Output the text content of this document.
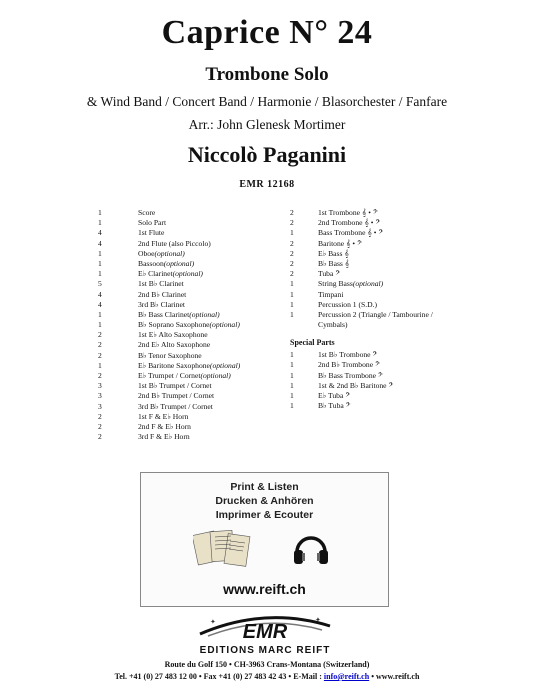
Caprice N° 24
Trombone Solo
& Wind Band / Concert Band / Harmonie / Blasorchester / Fanfare
Arr.: John Glenesk Mortimer
Niccolò Paganini
EMR 12168
1	Score
1	Solo Part
4	1st Flute
4	2nd Flute (also Piccolo)
1	Oboe (optional)
1	Bassoon (optional)
1	E♭ Clarinet (optional)
5	1st B♭ Clarinet
4	2nd B♭ Clarinet
4	3rd B♭ Clarinet
1	B♭ Bass Clarinet (optional)
1	B♭ Soprano Saxophone (optional)
2	1st E♭ Alto Saxophone
2	2nd E♭ Alto Saxophone
2	B♭ Tenor Saxophone
1	E♭ Baritone Saxophone (optional)
2	E♭ Trumpet / Cornet (optional)
3	1st B♭ Trumpet / Cornet
3	2nd B♭ Trumpet / Cornet
3	3rd B♭ Trumpet / Cornet
2	1st F & E♭ Horn
2	2nd F & E♭ Horn
2	3rd F & E♭ Horn
2	1st Trombone 𝄞 • 𝄢
2	2nd Trombone 𝄞 • 𝄢
1	Bass Trombone 𝄞 • 𝄢
2	Baritone 𝄞 • 𝄢
2	E♭ Bass 𝄞
2	B♭ Bass 𝄞
2	Tuba 𝄢
1	String Bass (optional)
1	Timpani
1	Percussion 1 (S.D.)
1	Percussion 2 (Triangle / Tambourine /
Cymbals)
Special Parts
1	1st B♭ Trombone 𝄢
1	2nd B♭ Trombone 𝄢
1	B♭ Bass Trombone 𝄢
1	1st & 2nd B♭ Baritone 𝄢
1	E♭ Tuba 𝄢
1	B♭ Tuba 𝄢
Print & Listen
Drucken & Anhören
Imprimer & Ecouter
www.reift.ch
EMR
EDITIONS MARC REIFT
✦	✦
Route du Golf 150 • CH-3963 Crans-Montana (Switzerland)
Tel. +41 (0) 27 483 12 00 • Fax +41 (0) 27 483 42 43 • E-Mail : info@reift.ch • www.reift.ch
